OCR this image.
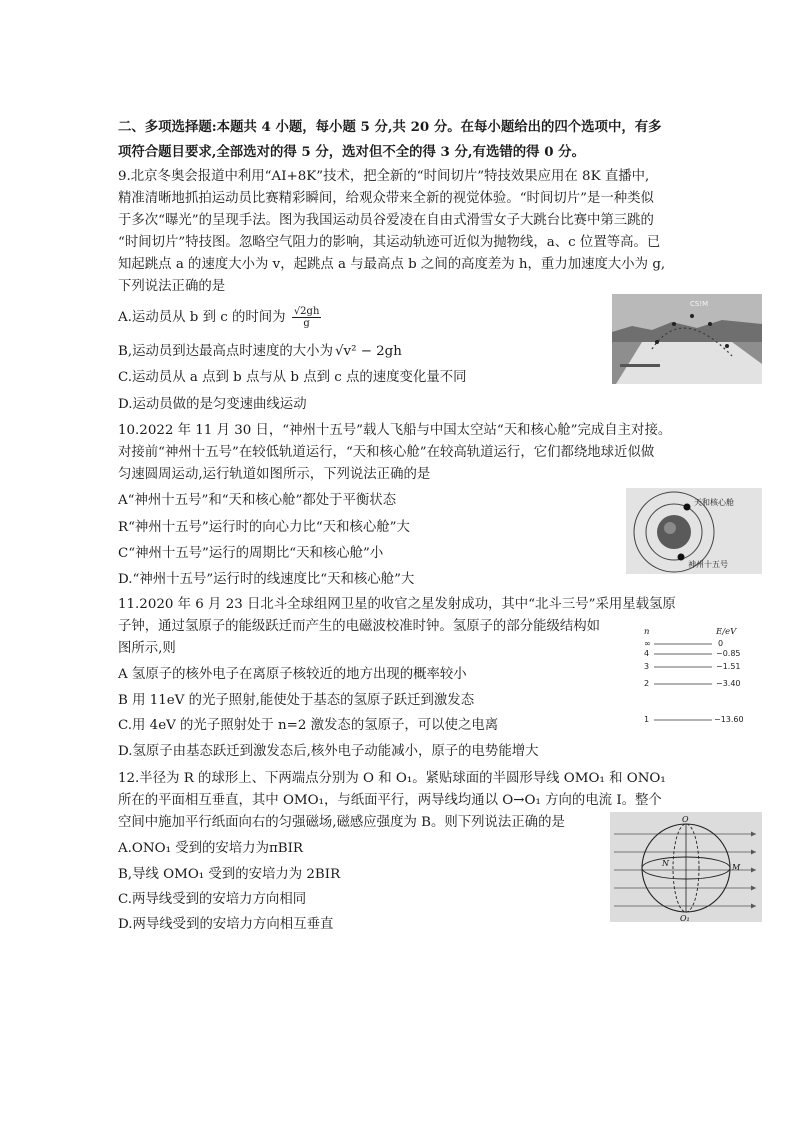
二、多项选择题:本题共 4 小题，每小题 5 分,共 20 分。在每小题给出的四个选项中，有多
项符合题目要求,全部选对的得 5 分，选对但不全的得 3 分,有选错的得 0 分。
9.北京冬奥会报道中利用“AI+8K”技术，把全新的“时间切片”特技效果应用在 8K 直播中,
精准清晰地抓拍运动员比赛精彩瞬间，给观众带来全新的视觉体验。“时间切片”是一种类似
于多次“曝光”的呈现手法。图为我国运动员谷爱凌在自由式滑雪女子大跳台比赛中第三跳的
“时间切片”特技图。忽略空气阻力的影响，其运动轨迹可近似为抛物线，a、c 位置等高。已
知起跳点 a 的速度大小为 v，起跳点 a 与最高点 b 之间的高度差为 h，重力加速度大小为 g,
下列说法正确的是
A.运动员从 b 到 c 的时间为 $\frac{√2gh}{g}$
B,运动员到达最高点时速度的大小为 √v² − 2gh
C.运动员从 a 点到 b 点与从 b 点到 c 点的速度变化量不同
D.运动员做的是匀变速曲线运动
CS!M
10.2022 年 11 月 30 日，“神州十五号”载人飞船与中国太空站“天和核心舱”完成自主对接。
对接前“神州十五号”在较低轨道运行，“天和核心舱”在较高轨道运行，它们都绕地球近似做
匀速圆周运动,运行轨道如图所示，下列说法正确的是
A“神州十五号”和“天和核心舱”都处于平衡状态
R“神州十五号”运行时的向心力比“天和核心舱”大
C“神州十五号”运行的周期比“天和核心舱”小
D.“神州十五号”运行时的线速度比“天和核心舱”大
天和核心舱
神州十五号
11.2020 年 6 月 23 日北斗全球组网卫星的收官之星发射成功，其中“北斗三号”采用星载氢原
子钟，通过氢原子的能级跃迁而产生的电磁波校准时钟。氢原子的部分能级结构如
图所示,则
A 氢原子的核外电子在离原子核较近的地方出现的概率较小
B 用 11eV 的光子照射,能使处于基态的氢原子跃迁到激发态
C.用 4eV 的光子照射处于 n=2 激发态的氢原子，可以使之电离
D.氢原子由基态跃迁到激发态后,核外电子动能减小，原子的电势能增大
n	E/eV
∞	0
4	−0.85
3	−1.51
2	−3.40
1	−13.60
12.半径为 R 的球形上、下两端点分别为 O 和 O₁。紧贴球面的半圆形导线 OMO₁ 和 ONO₁
所在的平面相互垂直，其中 OMO₁，与纸面平行，两导线均通以 O→O₁ 方向的电流 I。整个
空间中施加平行纸面向右的匀强磁场,磁感应强度为 B。则下列说法正确的是
A.ONO₁ 受到的安培力为πBIR
B,导线 OMO₁ 受到的安培力为 2BIR
C.两导线受到的安培力方向相同
D.两导线受到的安培力方向相互垂直
O
O₁
N	M
